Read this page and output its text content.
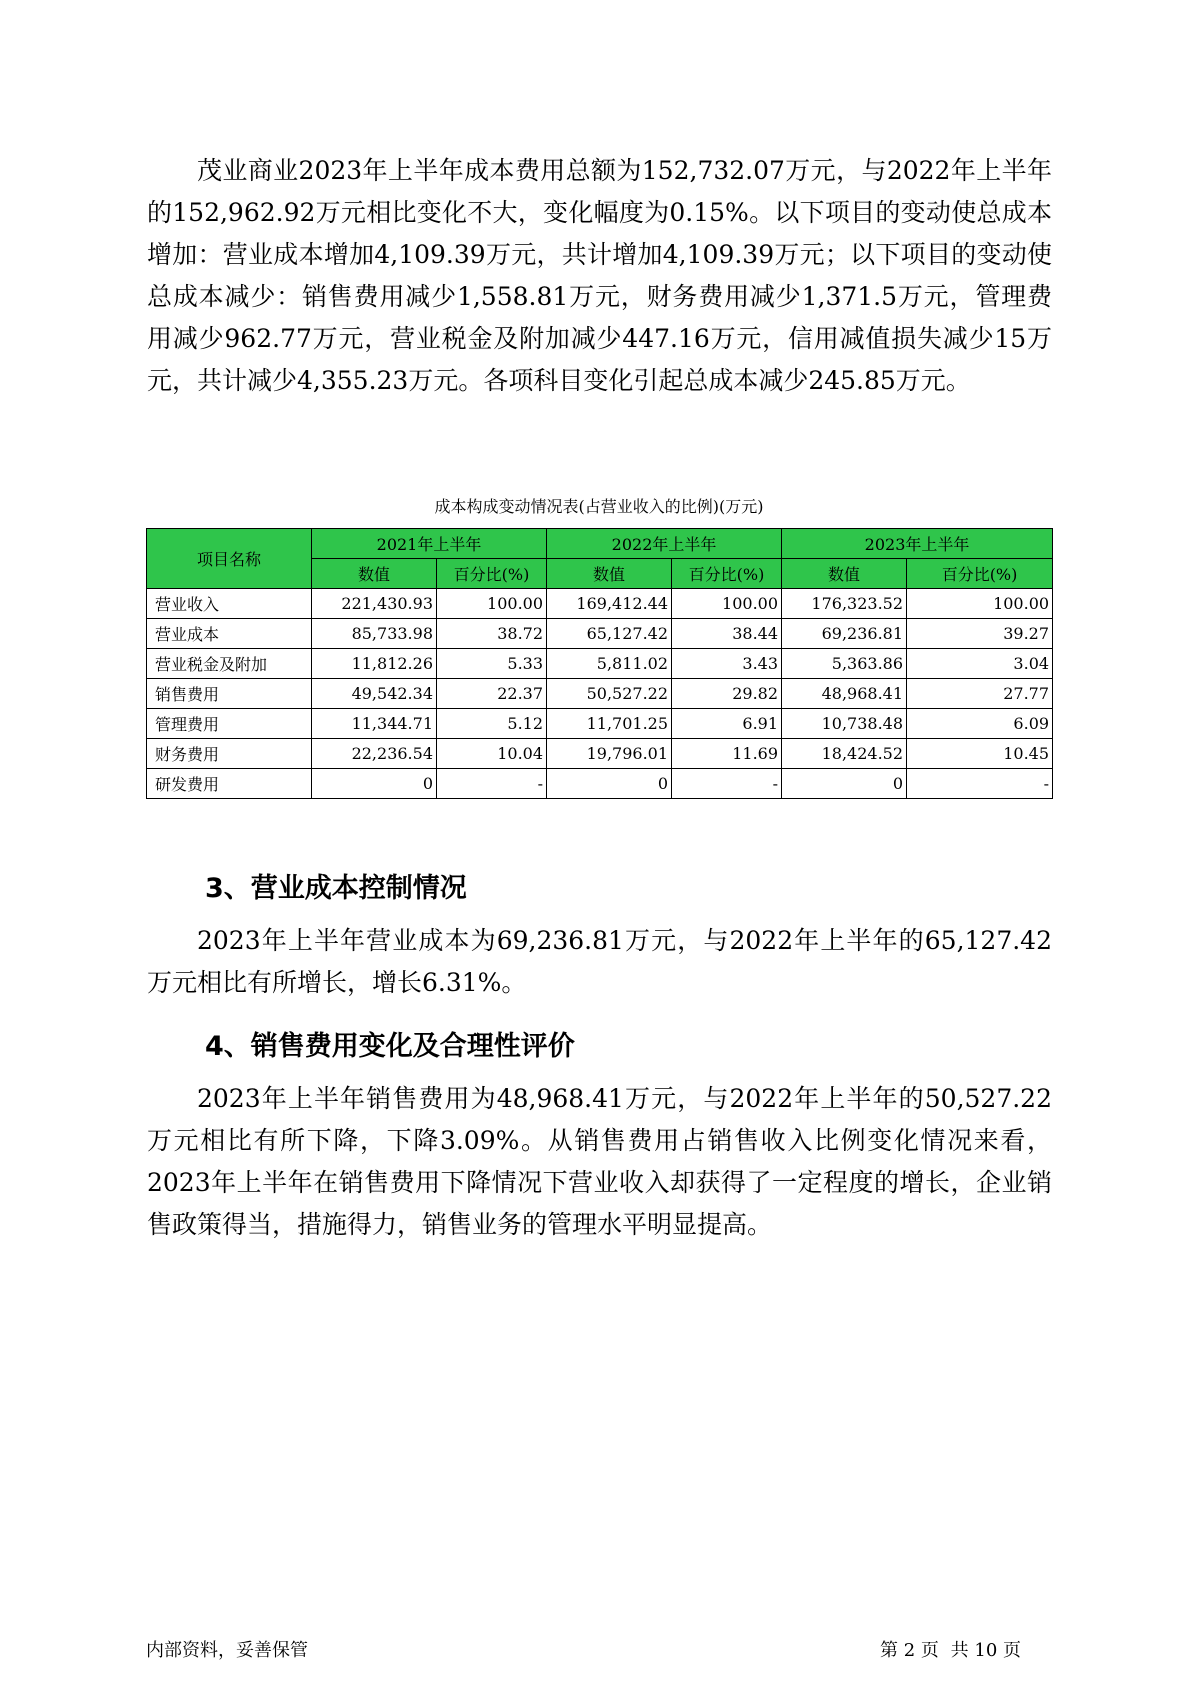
茂业商业2023年上半年成本费用总额为152,732.07万元，与2022年上半年的152,962.92万元相比变化不大，变化幅度为0.15%。以下项目的变动使总成本增加：营业成本增加4,109.39万元，共计增加4,109.39万元；以下项目的变动使总成本减少：销售费用减少1,558.81万元，财务费用减少1,371.5万元，管理费用减少962.77万元，营业税金及附加减少447.16万元，信用减值损失减少15万元，共计减少4,355.23万元。各项科目变化引起总成本减少245.85万元。

成本构成变动情况表(占营业收入的比例)(万元)
项目名称	2021年上半年		2022年上半年		2023年上半年	
	数值	百分比(%)	数值	百分比(%)	数值	百分比(%)
营业收入	221,430.93	100.00	169,412.44	100.00	176,323.52	100.00
营业成本	85,733.98	38.72	65,127.42	38.44	69,236.81	39.27
营业税金及附加	11,812.26	5.33	5,811.02	3.43	5,363.86	3.04
销售费用	49,542.34	22.37	50,527.22	29.82	48,968.41	27.77
管理费用	11,344.71	5.12	11,701.25	6.91	10,738.48	6.09
财务费用	22,236.54	10.04	19,796.01	11.69	18,424.52	10.45
研发费用	0	-	0	-	0	-
3、营业成本控制情况

2023年上半年营业成本为69,236.81万元，与2022年上半年的65,127.42万元相比有所增长，增长6.31%。

4、销售费用变化及合理性评价

2023年上半年销售费用为48,968.41万元，与2022年上半年的50,527.22万元相比有所下降，下降3.09%。从销售费用占销售收入比例变化情况来看，2023年上半年在销售费用下降情况下营业收入却获得了一定程度的增长，企业销售政策得当，措施得力，销售业务的管理水平明显提高。

内部资料，妥善保管	第 2 页 共 10 页
